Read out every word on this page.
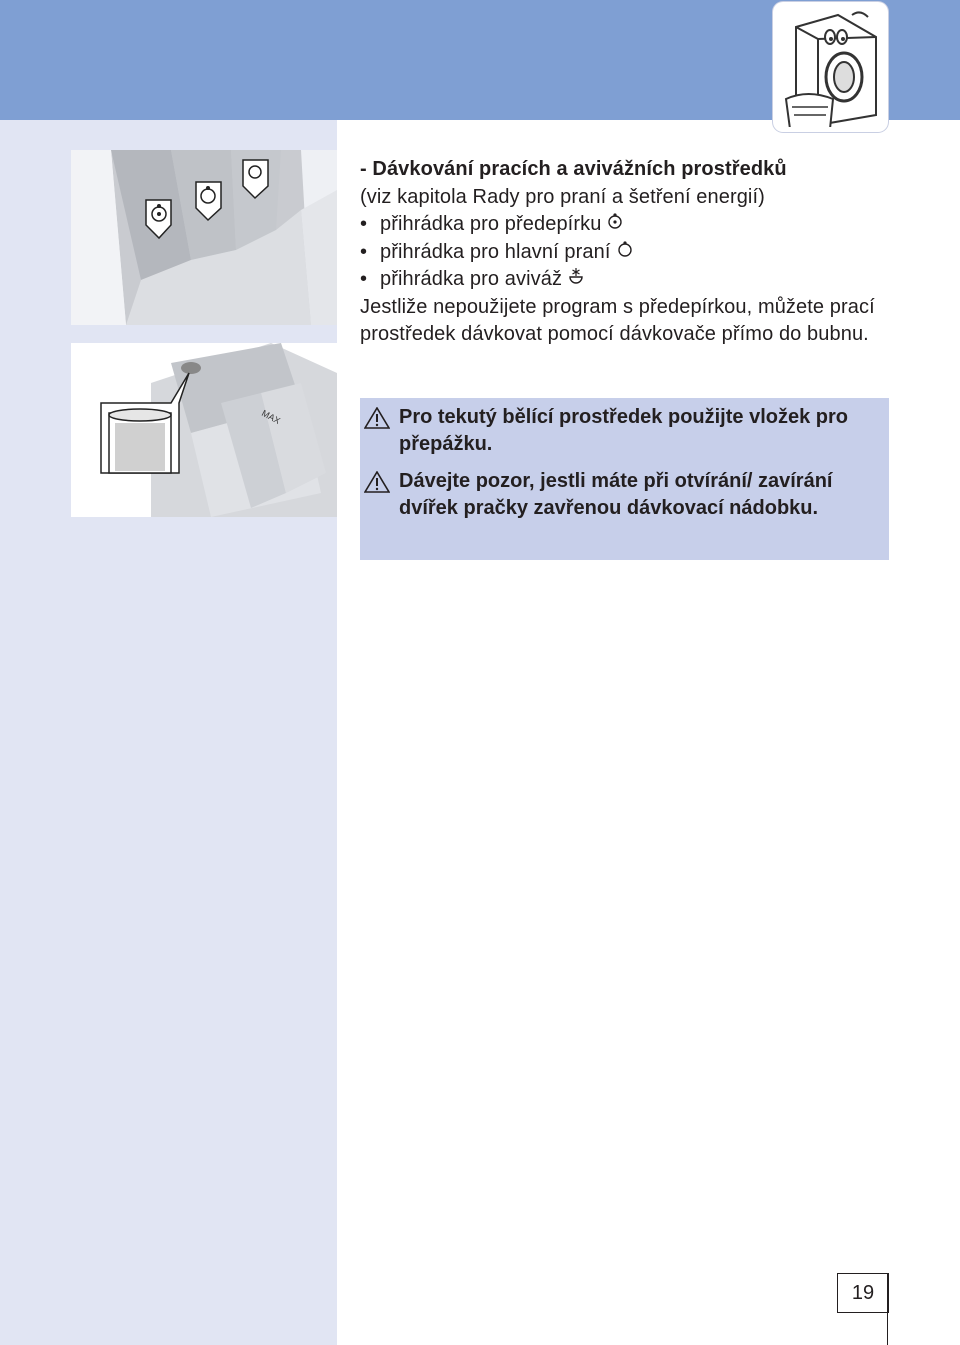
MAX

- Dávkování pracích a avivážních prostředků

(viz kapitola Rady pro praní a šetření energií)

• přihrádka pro předepírku

• přihrádka pro hlavní praní

• přihrádka pro aviváž

Jestliže nepoužijete program s předepírkou, můžete prací prostředek dávkovat pomocí dávkovače přímo do bubnu.

Pro tekutý bělící prostředek použijte vložek pro přepážku.
Dávejte pozor, jestli máte při otvírání/ zavírání dvířek pračky zavřenou dávkovací nádobku.
19
